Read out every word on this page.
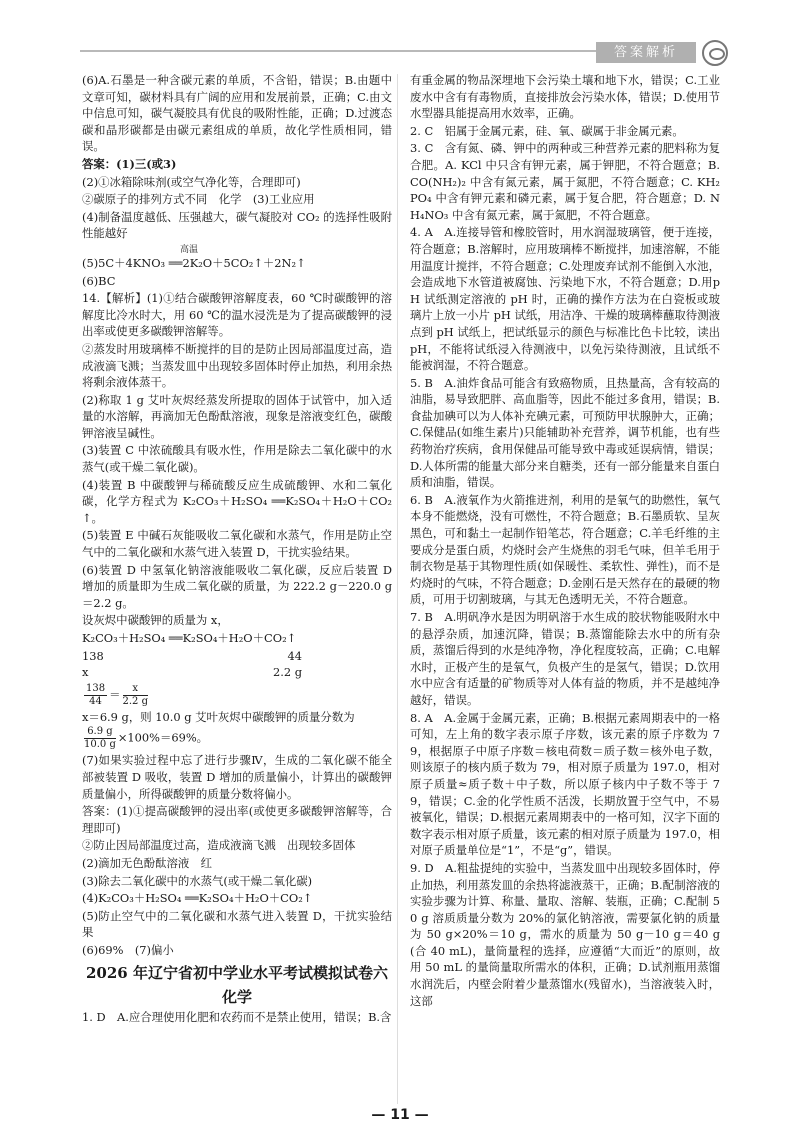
答案解析

(6)A.石墨是一种含碳元素的单质，不含铅，错误；B.由题中文章可知，碳材料具有广阔的应用和发展前景，正确；C.由文中信息可知，碳气凝胶具有优良的吸附性能，正确；D.过渡态碳和晶形碳都是由碳元素组成的单质，故化学性质相同，错误。

答案：(1)三(或3)

(2)①冰箱除味剂(或空气净化等，合理即可)

②碳原子的排列方式不同　化学　(3)工业应用

(4)制备温度越低、压强越大，碳气凝胶对 CO₂ 的选择性吸附性能越好

高温
(5)5C＋4KNO₃ ══2K₂O＋5CO₂↑＋2N₂↑

(6)BC

14.【解析】(1)①结合碳酸钾溶解度表，60 ℃时碳酸钾的溶解度比冷水时大，用 60 ℃的温水浸洗是为了提高碳酸钾的浸出率或使更多碳酸钾溶解等。

②蒸发时用玻璃棒不断搅拌的目的是防止因局部温度过高，造成液滴飞溅；当蒸发皿中出现较多固体时停止加热，利用余热将剩余液体蒸干。

(2)称取 1 g 艾叶灰烬经蒸发所提取的固体于试管中，加入适量的水溶解，再滴加无色酚酞溶液，现象是溶液变红色，碳酸钾溶液呈碱性。

(3)装置 C 中浓硫酸具有吸水性，作用是除去二氧化碳中的水蒸气(或干燥二氧化碳)。

(4)装置 B 中碳酸钾与稀硫酸反应生成硫酸钾、水和二氧化碳，化学方程式为 K₂CO₃＋H₂SO₄ ══K₂SO₄＋H₂O＋CO₂↑。

(5)装置 E 中碱石灰能吸收二氧化碳和水蒸气，作用是防止空气中的二氧化碳和水蒸气进入装置 D，干扰实验结果。

(6)装置 D 中氢氧化钠溶液能吸收二氧化碳，反应后装置 D 增加的质量即为生成二氧化碳的质量，为 222.2 g－220.0 g＝2.2 g。

设灰烬中碳酸钾的质量为 x，

K₂CO₃＋H₂SO₄ ══K₂SO₄＋H₂O＋CO₂↑

138	44
x	2.2 g

$\frac{138}{44} = \frac{x}{2.2 g}$

x＝6.9 g，则 10.0 g 艾叶灰烬中碳酸钾的质量分数为

$\frac{6.9 g}{10.0 g} \times 100\%=69\%$。

(7)如果实验过程中忘了进行步骤Ⅳ，生成的二氧化碳不能全部被装置 D 吸收，装置 D 增加的质量偏小，计算出的碳酸钾质量偏小，所得碳酸钾的质量分数将偏小。

答案：(1)①提高碳酸钾的浸出率(或使更多碳酸钾溶解等，合理即可)

②防止因局部温度过高，造成液滴飞溅　出现较多固体

(2)滴加无色酚酞溶液　红

(3)除去二氧化碳中的水蒸气(或干燥二氧化碳)

(4)K₂CO₃＋H₂SO₄ ══K₂SO₄＋H₂O＋CO₂↑

(5)防止空气中的二氧化碳和水蒸气进入装置 D，干扰实验结果

(6)69%　(7)偏小

2026 年辽宁省初中学业水平考试模拟试卷六
化学

1. D　A.应合理使用化肥和农药而不是禁止使用，错误；B.含

有重金属的物品深埋地下会污染土壤和地下水，错误；C.工业废水中含有有毒物质，直接排放会污染水体，错误；D.使用节水型器具能提高用水效率，正确。

2. C　铝属于金属元素，硅、氧、碳属于非金属元素。

3. C　含有氮、磷、钾中的两种或三种营养元素的肥料称为复合肥。A. KCl 中只含有钾元素，属于钾肥，不符合题意；B. CO(NH₂)₂ 中含有氮元素，属于氮肥，不符合题意；C. KH₂PO₄ 中含有钾元素和磷元素，属于复合肥，符合题意；D. NH₄NO₃ 中含有氮元素，属于氮肥，不符合题意。

4. A　A.连接导管和橡胶管时，用水润湿玻璃管，便于连接，符合题意；B.溶解时，应用玻璃棒不断搅拌，加速溶解，不能用温度计搅拌，不符合题意；C.处理废弃试剂不能倒入水池，会造成地下水管道被腐蚀、污染地下水，不符合题意；D.用pH 试纸测定溶液的 pH 时，正确的操作方法为在白瓷板或玻璃片上放一小片 pH 试纸，用洁净、干燥的玻璃棒蘸取待测液点到 pH 试纸上，把试纸显示的颜色与标准比色卡比较，读出 pH，不能将试纸浸入待测液中，以免污染待测液，且试纸不能被润湿，不符合题意。

5. B　A.油炸食品可能含有致癌物质，且热量高，含有较高的油脂，易导致肥胖、高血脂等，因此不能过多食用，错误；B.食盐加碘可以为人体补充碘元素，可预防甲状腺肿大，正确；C.保健品(如维生素片)只能辅助补充营养，调节机能，也有些药物治疗疾病，食用保健品可能导致中毒或延误病情，错误；D.人体所需的能量大部分来自糖类，还有一部分能量来自蛋白质和油脂，错误。

6. B　A.液氧作为火箭推进剂，利用的是氧气的助燃性，氧气本身不能燃烧，没有可燃性，不符合题意；B.石墨质软、呈灰黑色，可和黏土一起制作铅笔芯，符合题意；C.羊毛纤维的主要成分是蛋白质，灼烧时会产生烧焦的羽毛气味，但羊毛用于制衣物是基于其物理性质(如保暖性、柔软性、弹性)，而不是灼烧时的气味，不符合题意；D.金刚石是天然存在的最硬的物质，可用于切割玻璃，与其无色透明无关，不符合题意。

7. B　A.明矾净水是因为明矾溶于水生成的胶状物能吸附水中的悬浮杂质，加速沉降，错误；B.蒸馏能除去水中的所有杂质，蒸馏后得到的水是纯净物，净化程度较高，正确；C.电解水时，正极产生的是氧气，负极产生的是氢气，错误；D.饮用水中应含有适量的矿物质等对人体有益的物质，并不是越纯净越好，错误。

8. A　A.金属于金属元素，正确；B.根据元素周期表中的一格可知，左上角的数字表示原子序数，该元素的原子序数为 79，根据原子中原子序数＝核电荷数＝质子数＝核外电子数，则该原子的核内质子数为 79，相对原子质量为 197.0，相对原子质量≈质子数＋中子数，所以原子核内中子数不等于 79，错误；C.金的化学性质不活泼，长期放置于空气中，不易被氧化，错误；D.根据元素周期表中的一格可知，汉字下面的数字表示相对原子质量，该元素的相对原子质量为 197.0，相对原子质量单位是“1”，不是“g”，错误。

9. D　A.粗盐提纯的实验中，当蒸发皿中出现较多固体时，停止加热，利用蒸发皿的余热将滤液蒸干，正确；B.配制溶液的实验步骤为计算、称量、量取、溶解、装瓶，正确；C.配制 50 g 溶质质量分数为 20%的氯化钠溶液，需要氯化钠的质量为 50 g×20%＝10 g，需水的质量为 50 g－10 g＝40 g(合 40 mL)，量筒量程的选择，应遵循“大而近”的原则，故用 50 mL 的量筒量取所需水的体积，正确；D.试剂瓶用蒸馏水润洗后，内壁会附着少量蒸馏水(残留水)，当溶液装入时，这部

— 11 —
